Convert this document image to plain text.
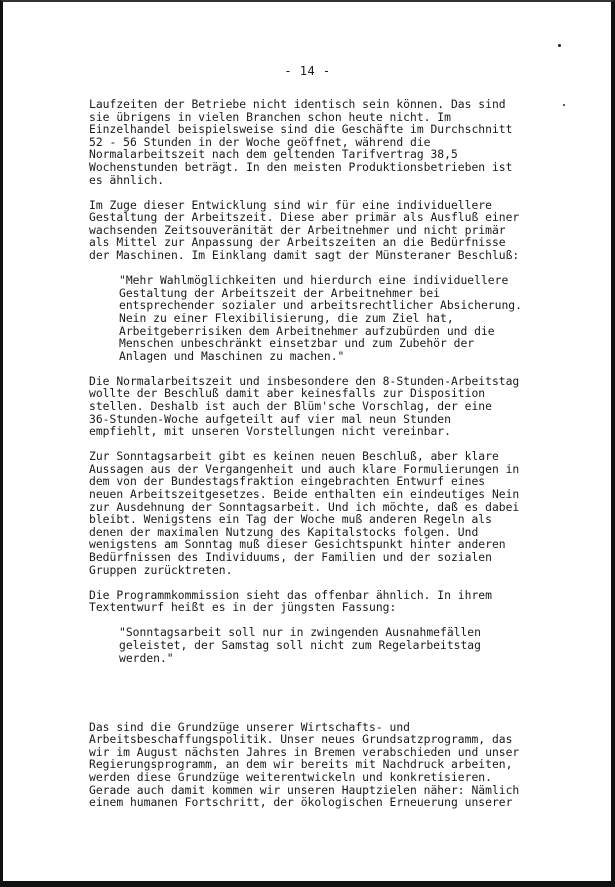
- 14 -
Laufzeiten der Betriebe nicht identisch sein können. Das sind
sie übrigens in vielen Branchen schon heute nicht. Im
Einzelhandel beispielsweise sind die Geschäfte im Durchschnitt
52 - 56 Stunden in der Woche geöffnet, während die
Normalarbeitszeit nach dem geltenden Tarifvertrag 38,5
Wochenstunden beträgt. In den meisten Produktionsbetrieben ist
es ähnlich.
Im Zuge dieser Entwicklung sind wir für eine individuellere
Gestaltung der Arbeitszeit. Diese aber primär als Ausfluß einer
wachsenden Zeitsouveränität der Arbeitnehmer und nicht primär
als Mittel zur Anpassung der Arbeitszeiten an die Bedürfnisse
der Maschinen. Im Einklang damit sagt der Münsteraner Beschluß:
"Mehr Wahlmöglichkeiten und hierdurch eine individuellere
Gestaltung der Arbeitszeit der Arbeitnehmer bei
entsprechender sozialer und arbeitsrechtlicher Absicherung.
Nein zu einer Flexibilisierung, die zum Ziel hat,
Arbeitgeberrisiken dem Arbeitnehmer aufzubürden und die
Menschen unbeschränkt einsetzbar und zum Zubehör der
Anlagen und Maschinen zu machen."
Die Normalarbeitszeit und insbesondere den 8-Stunden-Arbeitstag
wollte der Beschluß damit aber keinesfalls zur Disposition
stellen. Deshalb ist auch der Blüm'sche Vorschlag, der eine
36-Stunden-Woche aufgeteilt auf vier mal neun Stunden
empfiehlt, mit unseren Vorstellungen nicht vereinbar.
Zur Sonntagsarbeit gibt es keinen neuen Beschluß, aber klare
Aussagen aus der Vergangenheit und auch klare Formulierungen in
dem von der Bundestagsfraktion eingebrachten Entwurf eines
neuen Arbeitszeitgesetzes. Beide enthalten ein eindeutiges Nein
zur Ausdehnung der Sonntagsarbeit. Und ich möchte, daß es dabei
bleibt. Wenigstens ein Tag der Woche muß anderen Regeln als
denen der maximalen Nutzung des Kapitalstocks folgen. Und
wenigstens am Sonntag muß dieser Gesichtspunkt hinter anderen
Bedürfnissen des Individuums, der Familien und der sozialen
Gruppen zurücktreten.
Die Programmkommission sieht das offenbar ähnlich. In ihrem
Textentwurf heißt es in der jüngsten Fassung:
"Sonntagsarbeit soll nur in zwingenden Ausnahmefällen
geleistet, der Samstag soll nicht zum Regelarbeitstag
werden."
Das sind die Grundzüge unserer Wirtschafts- und
Arbeitsbeschaffungspolitik. Unser neues Grundsatzprogramm, das
wir im August nächsten Jahres in Bremen verabschieden und unser
Regierungsprogramm, an dem wir bereits mit Nachdruck arbeiten,
werden diese Grundzüge weiterentwickeln und konkretisieren.
Gerade auch damit kommen wir unseren Hauptzielen näher: Nämlich
einem humanen Fortschritt, der ökologischen Erneuerung unserer
